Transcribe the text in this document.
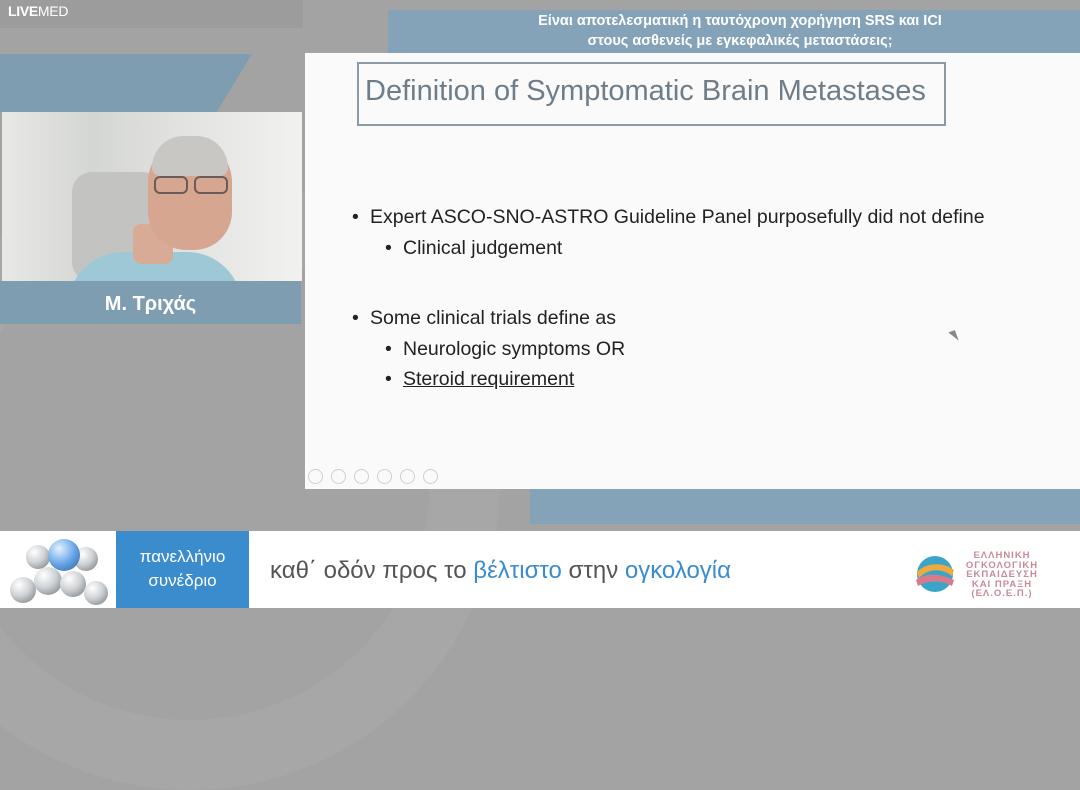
LIVEMED
Είναι αποτελεσματική η ταυτόχρονη χορήγηση SRS και ICI
στους ασθενείς με εγκεφαλικές μεταστάσεις;
Μ. Τριχάς
Definition of Symptomatic Brain Metastases
• Expert ASCO-SNO-ASTRO Guideline Panel purposefully did not define
• Clinical judgement
• Some clinical trials define as
• Neurologic symptoms OR
• Steroid requirement
πανελλήνιο
συνέδριο	καθ΄ οδόν προς το βέλτιστο στην ογκολογία
ΕΛΛΗΝΙΚΗ
ΟΓΚΟΛΟΓΙΚΗ
ΕΚΠΑΙΔΕΥΣΗ
ΚΑΙ ΠΡΑΞΗ
(ΕΛ.Ο.Ε.Π.)
